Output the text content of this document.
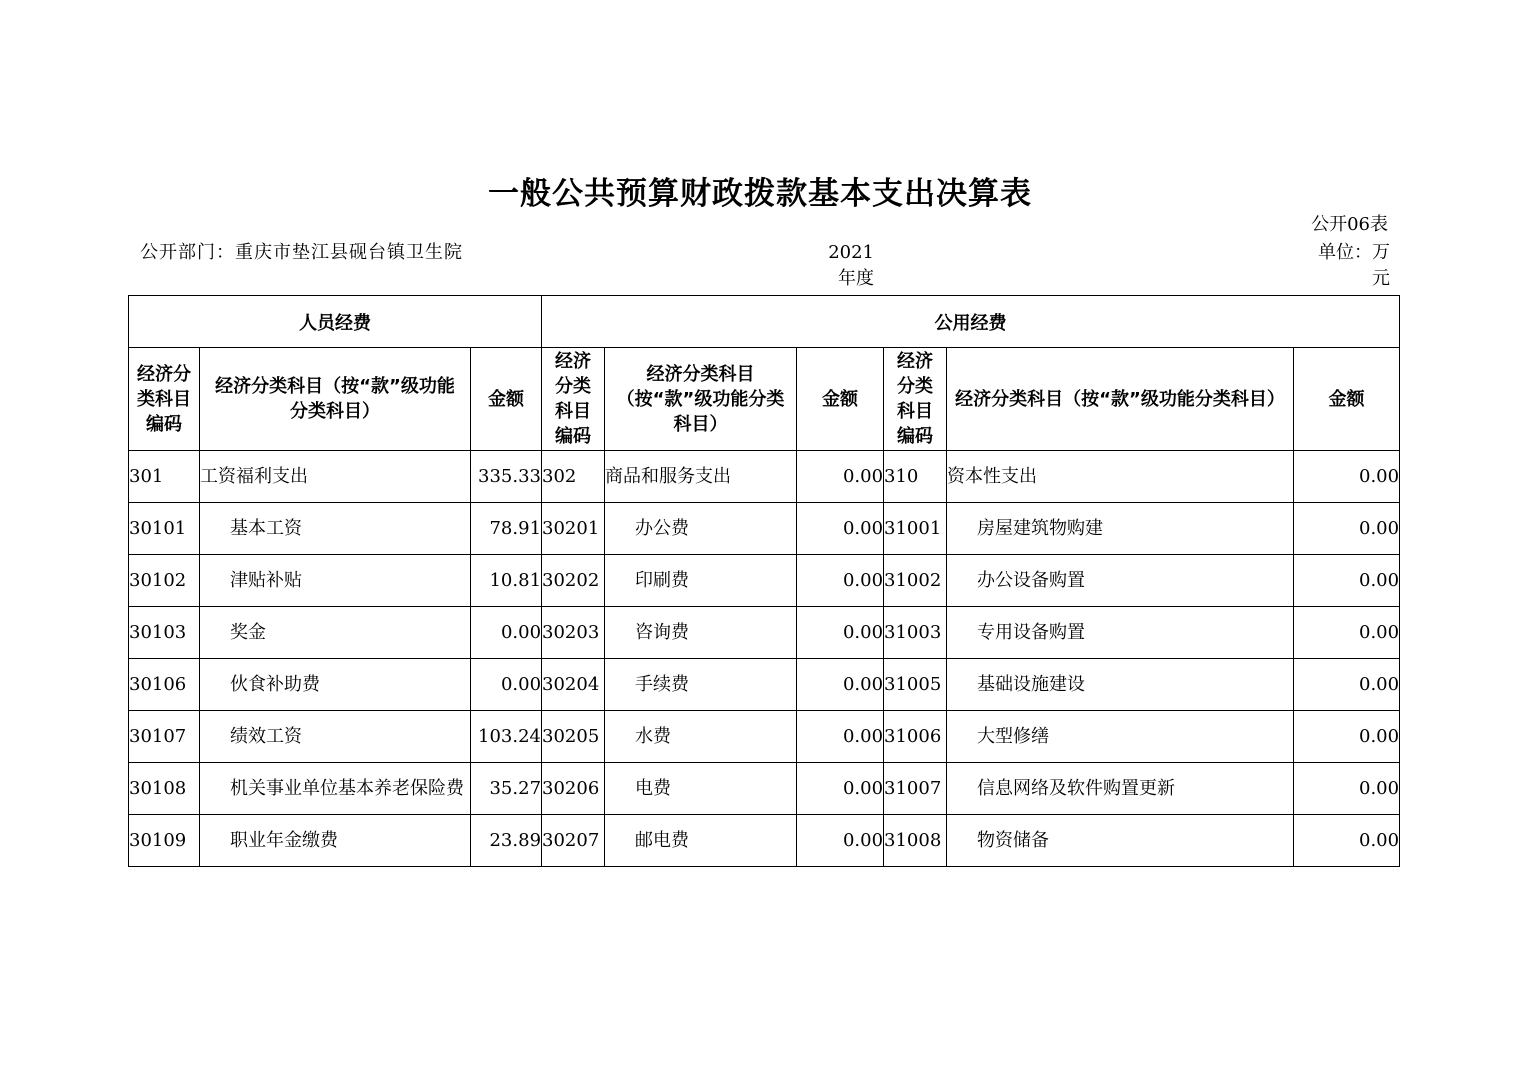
一般公共预算财政拨款基本支出决算表
公开06表
公开部门：重庆市垫江县砚台镇卫生院	2021年度
单位：万元
人员经费			公用经费					
经济分类科目编码	经济分类科目（按“款”级功能分类科目）	金额	经济分类科目编码	经济分类科目（按“款”级功能分类科目）	金额	经济分类科目编码	经济分类科目（按“款”级功能分类科目）	金额
301	工资福利支出	335.33	302	商品和服务支出	0.00	310	资本性支出	0.00
30101	基本工资	78.91	30201	办公费	0.00	31001	房屋建筑物购建	0.00
30102	津贴补贴	10.81	30202	印刷费	0.00	31002	办公设备购置	0.00
30103	奖金	0.00	30203	咨询费	0.00	31003	专用设备购置	0.00
30106	伙食补助费	0.00	30204	手续费	0.00	31005	基础设施建设	0.00
30107	绩效工资	103.24	30205	水费	0.00	31006	大型修缮	0.00
30108	机关事业单位基本养老保险费	35.27	30206	电费	0.00	31007	信息网络及软件购置更新	0.00
30109	职业年金缴费	23.89	30207	邮电费	0.00	31008	物资储备	0.00
